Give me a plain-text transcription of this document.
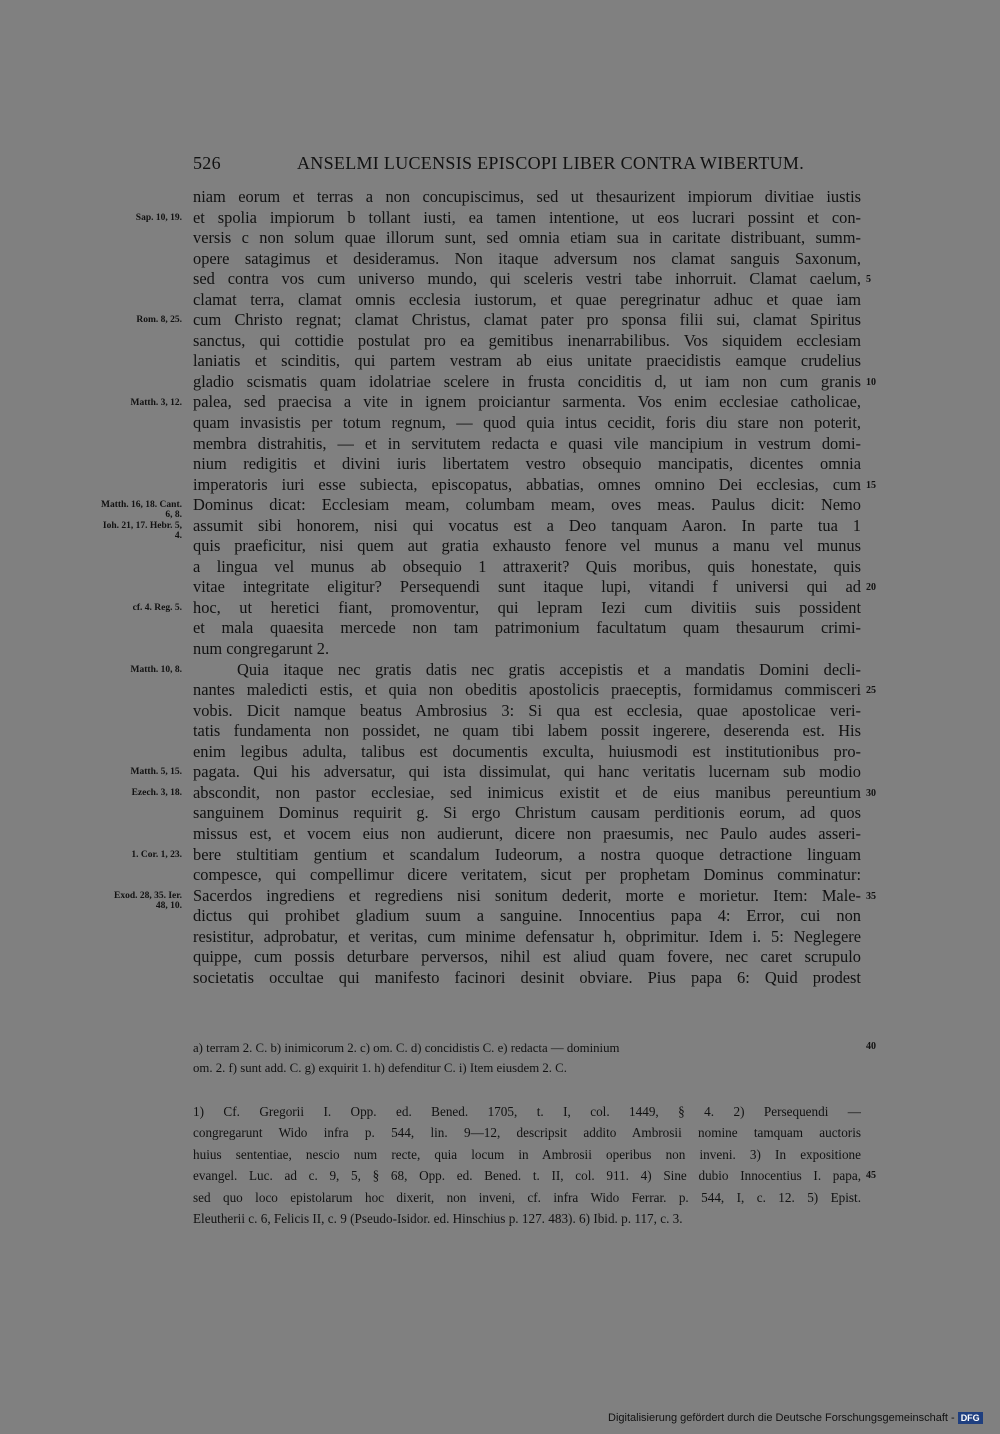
526	ANSELMI LUCENSIS EPISCOPI LIBER CONTRA WIBERTUM.
niam eorum et terras a non concupiscimus, sed ut thesaurizent impiorum divitiae iustis
et spolia impiorum b tollant iusti, ea tamen intentione, ut eos lucrari possint et con-
versis c non solum quae illorum sunt, sed omnia etiam sua in caritate distribuant, summ-
opere satagimus et desideramus. Non itaque adversum nos clamat sanguis Saxonum,
sed contra vos cum universo mundo, qui sceleris vestri tabe inhorruit. Clamat caelum,
clamat terra, clamat omnis ecclesia iustorum, et quae peregrinatur adhuc et quae iam
cum Christo regnat; clamat Christus, clamat pater pro sponsa filii sui, clamat Spiritus
sanctus, qui cottidie postulat pro ea gemitibus inenarrabilibus. Vos siquidem ecclesiam
laniatis et scinditis, qui partem vestram ab eius unitate praecidistis eamque crudelius
gladio scismatis quam idolatriae scelere in frusta conciditis d, ut iam non cum granis
palea, sed praecisa a vite in ignem proiciantur sarmenta. Vos enim ecclesiae catholicae,
quam invasistis per totum regnum, — quod quia intus cecidit, foris diu stare non poterit,
membra distrahitis, — et in servitutem redacta e quasi vile mancipium in vestrum domi-
nium redigitis et divini iuris libertatem vestro obsequio mancipatis, dicentes omnia
imperatoris iuri esse subiecta, episcopatus, abbatias, omnes omnino Dei ecclesias, cum
Dominus dicat: Ecclesiam meam, columbam meam, oves meas. Paulus dicit: Nemo
assumit sibi honorem, nisi qui vocatus est a Deo tanquam Aaron. In parte tua 1
quis praeficitur, nisi quem aut gratia exhausto fenore vel munus a manu vel munus
a lingua vel munus ab obsequio 1 attraxerit? Quis moribus, quis honestate, quis
vitae integritate eligitur? Persequendi sunt itaque lupi, vitandi f universi qui ad
hoc, ut heretici fiant, promoventur, qui lepram Iezi cum divitiis suis possident
et mala quaesita mercede non tam patrimonium facultatum quam thesaurum crimi-
num congregarunt 2.
Quia itaque nec gratis datis nec gratis accepistis et a mandatis Domini decli-
nantes maledicti estis, et quia non obeditis apostolicis praeceptis, formidamus commisceri
vobis. Dicit namque beatus Ambrosius 3: Si qua est ecclesia, quae apostolicae veri-
tatis fundamenta non possidet, ne quam tibi labem possit ingerere, deserenda est. His
enim legibus adulta, talibus est documentis exculta, huiusmodi est institutionibus pro-
pagata. Qui his adversatur, qui ista dissimulat, qui hanc veritatis lucernam sub modio
abscondit, non pastor ecclesiae, sed inimicus existit et de eius manibus pereuntium
sanguinem Dominus requirit g. Si ergo Christum causam perditionis eorum, ad quos
missus est, et vocem eius non audierunt, dicere non praesumis, nec Paulo audes asseri-
bere stultitiam gentium et scandalum Iudeorum, a nostra quoque detractione linguam
compesce, qui compellimur dicere veritatem, sicut per prophetam Dominus comminatur:
Sacerdos ingrediens et regrediens nisi sonitum dederit, morte e morietur. Item: Male-
dictus qui prohibet gladium suum a sanguine. Innocentius papa 4: Error, cui non
resistitur, adprobatur, et veritas, cum minime defensatur h, obprimitur. Idem i. 5: Neglegere
quippe, cum possis deturbare perversos, nihil est aliud quam fovere, nec caret scrupulo
societatis occultae qui manifesto facinori desinit obviare. Pius papa 6: Quid prodest
Sap. 10, 19.
Rom. 8, 25.
Matth. 3, 12.
Matth. 16, 18. Cant. 6, 8.
Ioh. 21, 17. Hebr. 5, 4.
cf. 4. Reg. 5.
Matth. 10, 8.
Matth. 5, 15.
Ezech. 3, 18.
1. Cor. 1, 23.
Exod. 28, 35. Ier. 48, 10.
5
10
15
20
25
30
35
a) terram 2. C. b) inimicorum 2. c) om. C. d) concidistis C. e) redacta — dominium
om. 2. f) sunt add. C. g) exquirit 1. h) defenditur C. i) Item eiusdem 2. C.
40
1) Cf. Gregorii I. Opp. ed. Bened. 1705, t. I, col. 1449, § 4. 2) Persequendi —
congregarunt Wido infra p. 544, lin. 9—12, descripsit addito Ambrosii nomine tamquam auctoris
huius sententiae, nescio num recte, quia locum in Ambrosii operibus non inveni. 3) In expositione
evangel. Luc. ad c. 9, 5, § 68, Opp. ed. Bened. t. II, col. 911. 4) Sine dubio Innocentius I. papa,
sed quo loco epistolarum hoc dixerit, non inveni, cf. infra Wido Ferrar. p. 544, I, c. 12. 5) Epist.
Eleutherii c. 6, Felicis II, c. 9 (Pseudo-Isidor. ed. Hinschius p. 127. 483). 6) Ibid. p. 117, c. 3.
Digitalisierung gefördert durch die Deutsche Forschungsgemeinschaft - DFG
45
